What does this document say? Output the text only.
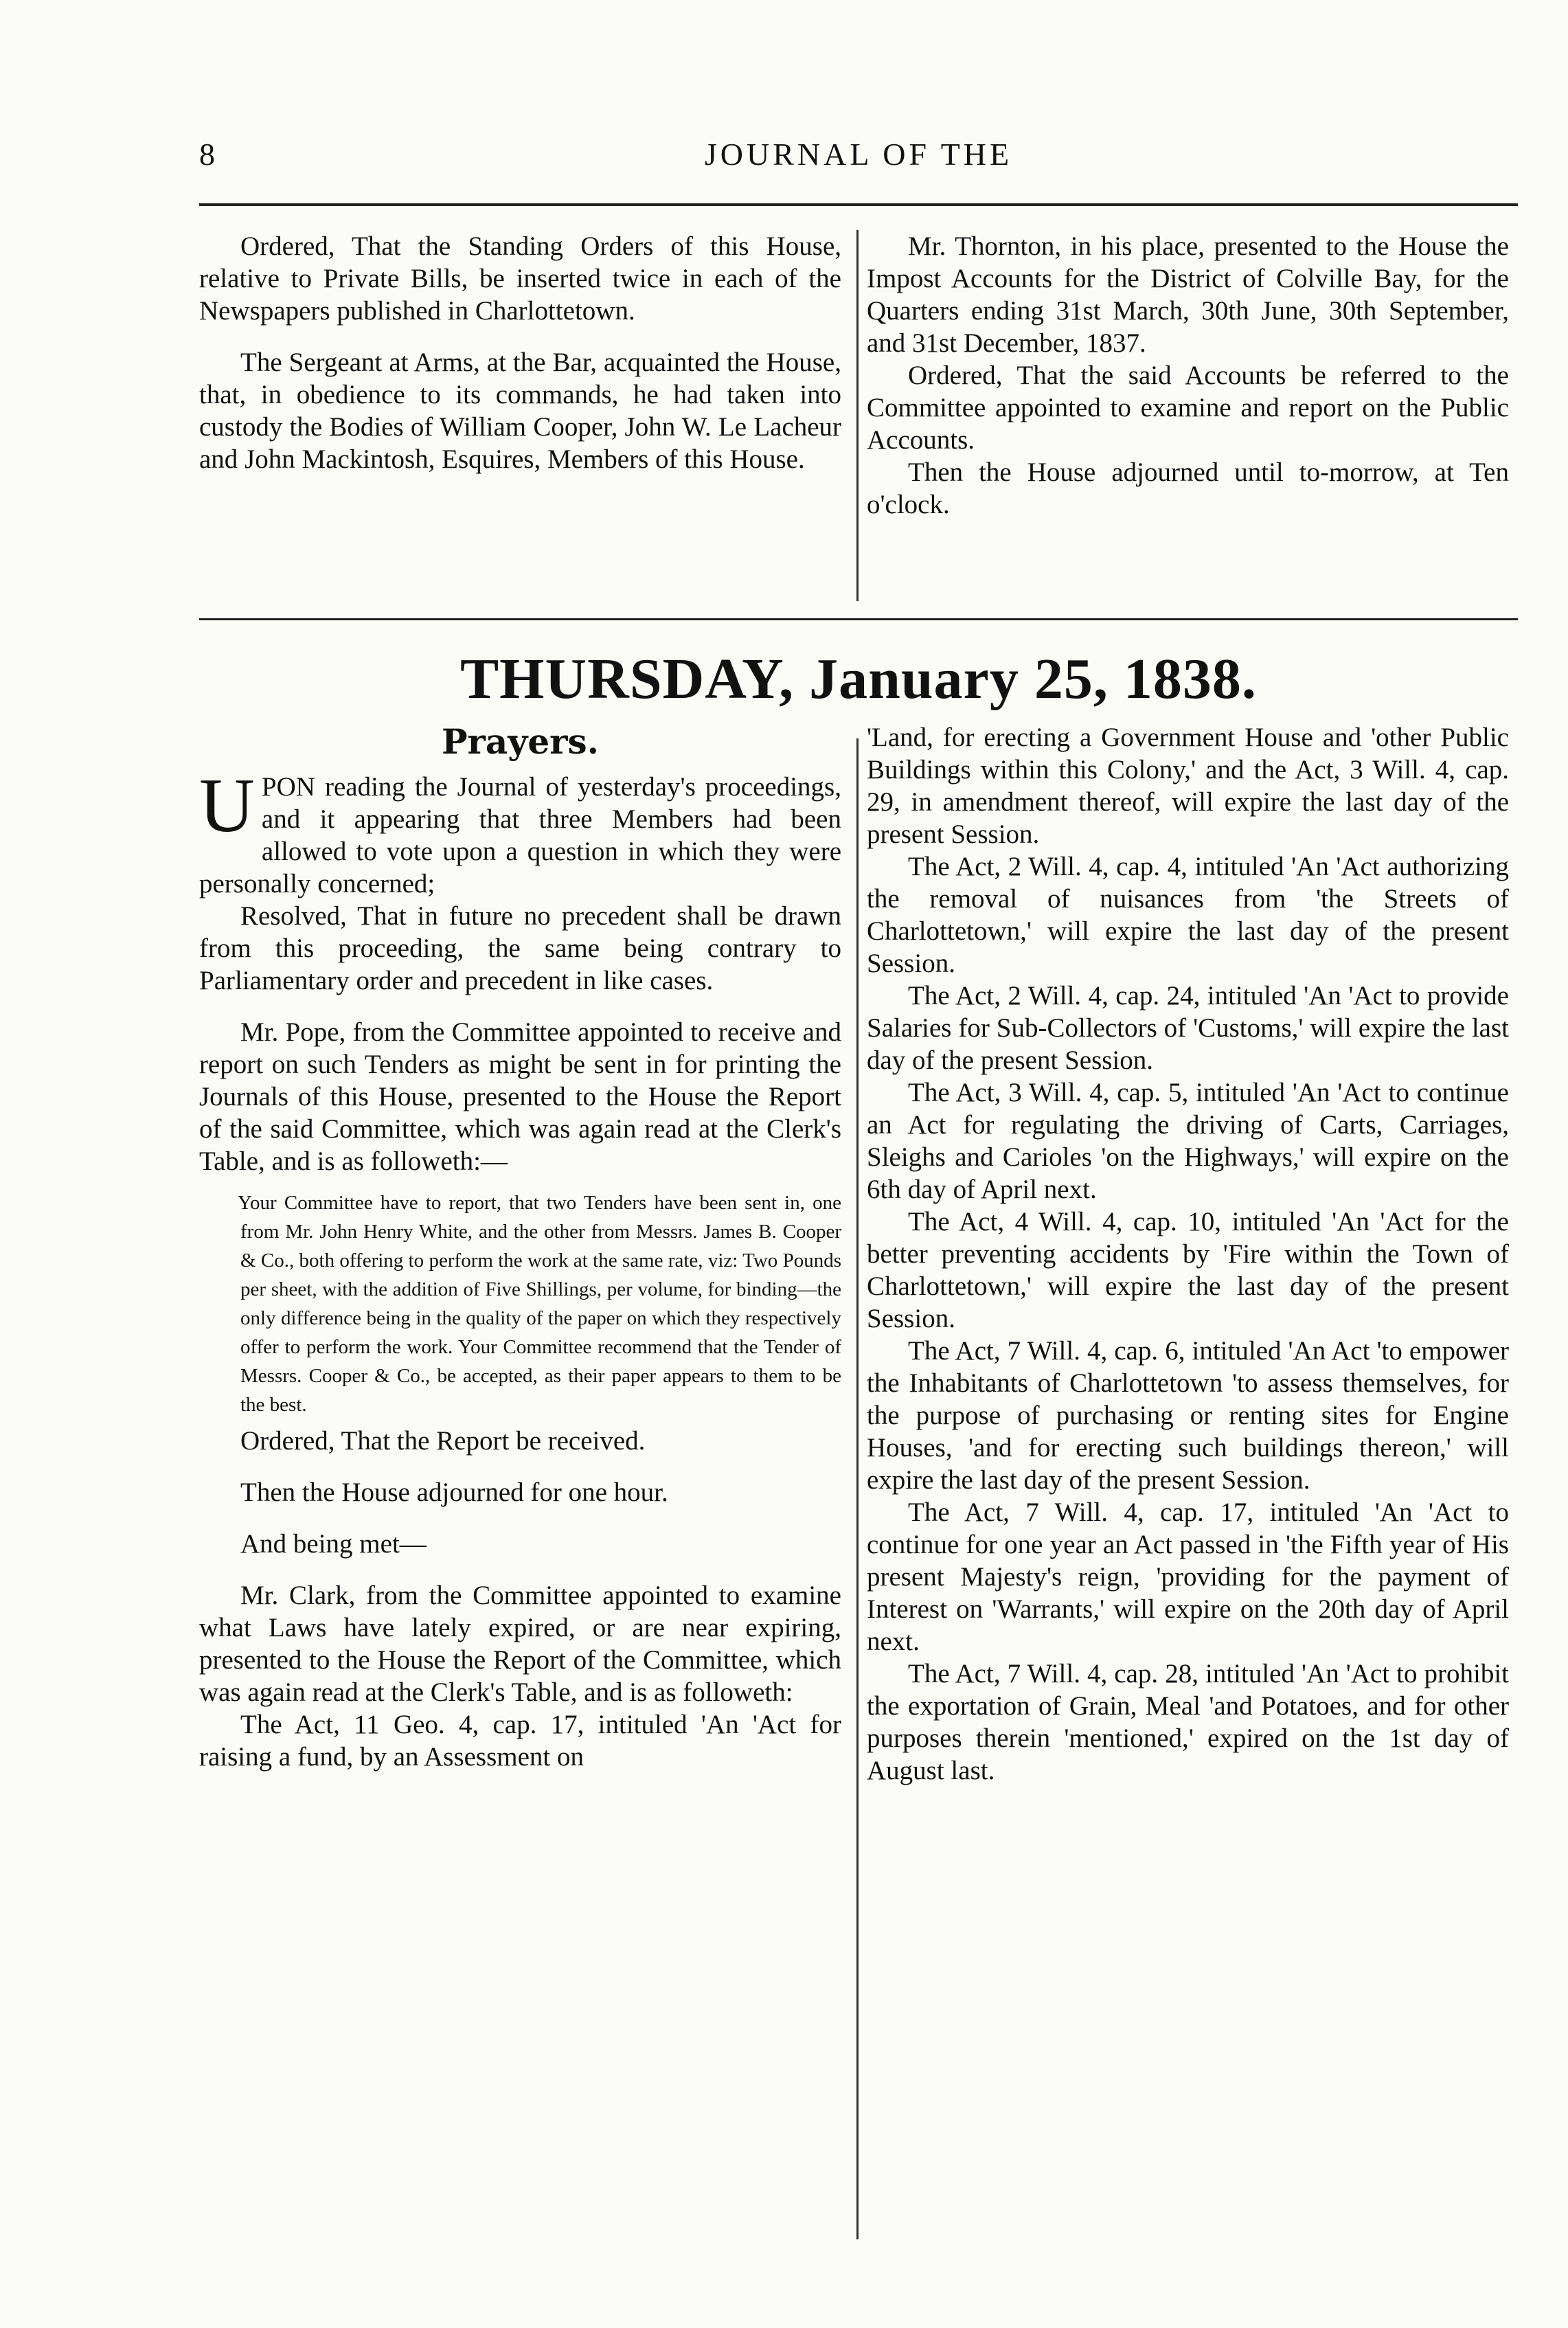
8	JOURNAL OF THE

Ordered, That the Standing Orders of this House, relative to Private Bills, be inserted twice in each of the Newspapers published in Charlottetown.

The Sergeant at Arms, at the Bar, acquainted the House, that, in obedience to its commands, he had taken into custody the Bodies of William Cooper, John W. Le Lacheur and John Mackintosh, Esquires, Members of this House.

Mr. Thornton, in his place, presented to the House the Impost Accounts for the District of Colville Bay, for the Quarters ending 31st March, 30th June, 30th September, and 31st December, 1837.

Ordered, That the said Accounts be referred to the Committee appointed to examine and report on the Public Accounts.

Then the House adjourned until to-morrow, at Ten o'clock.

THURSDAY, January 25, 1838.

Prayers.

UPON reading the Journal of yesterday's proceedings, and it appearing that three Members had been allowed to vote upon a question in which they were personally concerned;

Resolved, That in future no precedent shall be drawn from this proceeding, the same being contrary to Parliamentary order and precedent in like cases.

Mr. Pope, from the Committee appointed to receive and report on such Tenders as might be sent in for printing the Journals of this House, presented to the House the Report of the said Committee, which was again read at the Clerk's Table, and is as followeth:—

Your Committee have to report, that two Tenders have been sent in, one from Mr. John Henry White, and the other from Messrs. James B. Cooper & Co., both offering to perform the work at the same rate, viz: Two Pounds per sheet, with the addition of Five Shillings, per volume, for binding—the only difference being in the quality of the paper on which they respectively offer to perform the work. Your Committee recommend that the Tender of Messrs. Cooper & Co., be accepted, as their paper appears to them to be the best.

Ordered, That the Report be received.

Then the House adjourned for one hour.

And being met—

Mr. Clark, from the Committee appointed to examine what Laws have lately expired, or are near expiring, presented to the House the Report of the Committee, which was again read at the Clerk's Table, and is as followeth:

The Act, 11 Geo. 4, cap. 17, intituled 'An 'Act for raising a fund, by an Assessment on

'Land, for erecting a Government House and 'other Public Buildings within this Colony,' and the Act, 3 Will. 4, cap. 29, in amendment thereof, will expire the last day of the present Session.

The Act, 2 Will. 4, cap. 4, intituled 'An 'Act authorizing the removal of nuisances from 'the Streets of Charlottetown,' will expire the last day of the present Session.

The Act, 2 Will. 4, cap. 24, intituled 'An 'Act to provide Salaries for Sub-Collectors of 'Customs,' will expire the last day of the present Session.

The Act, 3 Will. 4, cap. 5, intituled 'An 'Act to continue an Act for regulating the driving of Carts, Carriages, Sleighs and Carioles 'on the Highways,' will expire on the 6th day of April next.

The Act, 4 Will. 4, cap. 10, intituled 'An 'Act for the better preventing accidents by 'Fire within the Town of Charlottetown,' will expire the last day of the present Session.

The Act, 7 Will. 4, cap. 6, intituled 'An Act 'to empower the Inhabitants of Charlottetown 'to assess themselves, for the purpose of purchasing or renting sites for Engine Houses, 'and for erecting such buildings thereon,' will expire the last day of the present Session.

The Act, 7 Will. 4, cap. 17, intituled 'An 'Act to continue for one year an Act passed in 'the Fifth year of His present Majesty's reign, 'providing for the payment of Interest on 'Warrants,' will expire on the 20th day of April next.

The Act, 7 Will. 4, cap. 28, intituled 'An 'Act to prohibit the exportation of Grain, Meal 'and Potatoes, and for other purposes therein 'mentioned,' expired on the 1st day of August last.
